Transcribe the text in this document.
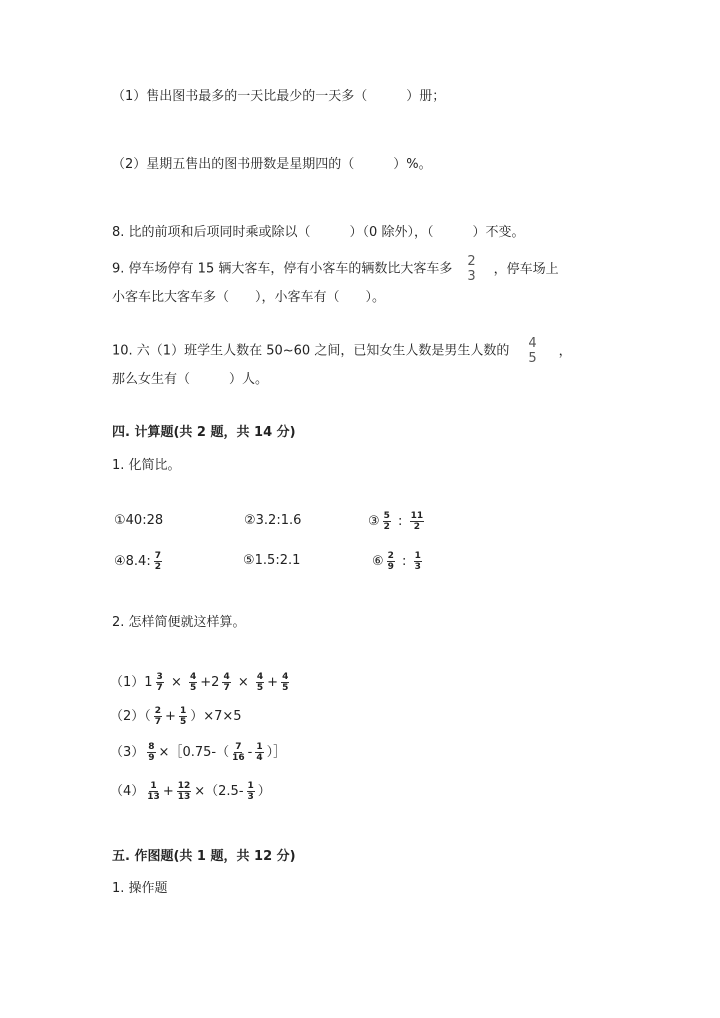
（1）售出图书最多的一天比最少的一天多（　　　）册；
（2）星期五售出的图书册数是星期四的（　　　）%。
8. 比的前项和后项同时乘或除以（　　　）（0 除外），（　　　）不变。
9. 停车场停有 15 辆大客车，停有小客车的辆数比大客车多 2
3 ，停车场上
小客车比大客车多（　　），小客车有（　　）。
10. 六（1）班学生人数在 50~60 之间，已知女生人数是男生人数的 4
5 ，
那么女生有（　　　）人。
四. 计算题(共 2 题，共 14 分)
1. 化简比。
①40:28	②3.2:1.6	③ $\frac{5}{2}$ : $\frac{11}{2}$
④8.4: $\frac{7}{2}$	⑤1.5:2.1	⑥ $\frac{2}{9}$ : $\frac{1}{3}$
2. 怎样简便就这样算。
$(1)1 \frac{3}{7} \times \frac{4}{5} +2 \frac{4}{7} \times \frac{4}{5} + \frac{4}{5}$
$(2)( \frac{2}{7} + \frac{1}{5} )\times 7\times 5$
$(3) \frac{8}{9}$ ×［0.75-（ $\frac{7}{16} - \frac{1}{4}$ ）］
$(4) \frac{1}{13} + \frac{12}{13} \times(2.5- \frac{1}{3}$ ）
五. 作图题(共 1 题，共 12 分)
1. 操作题
